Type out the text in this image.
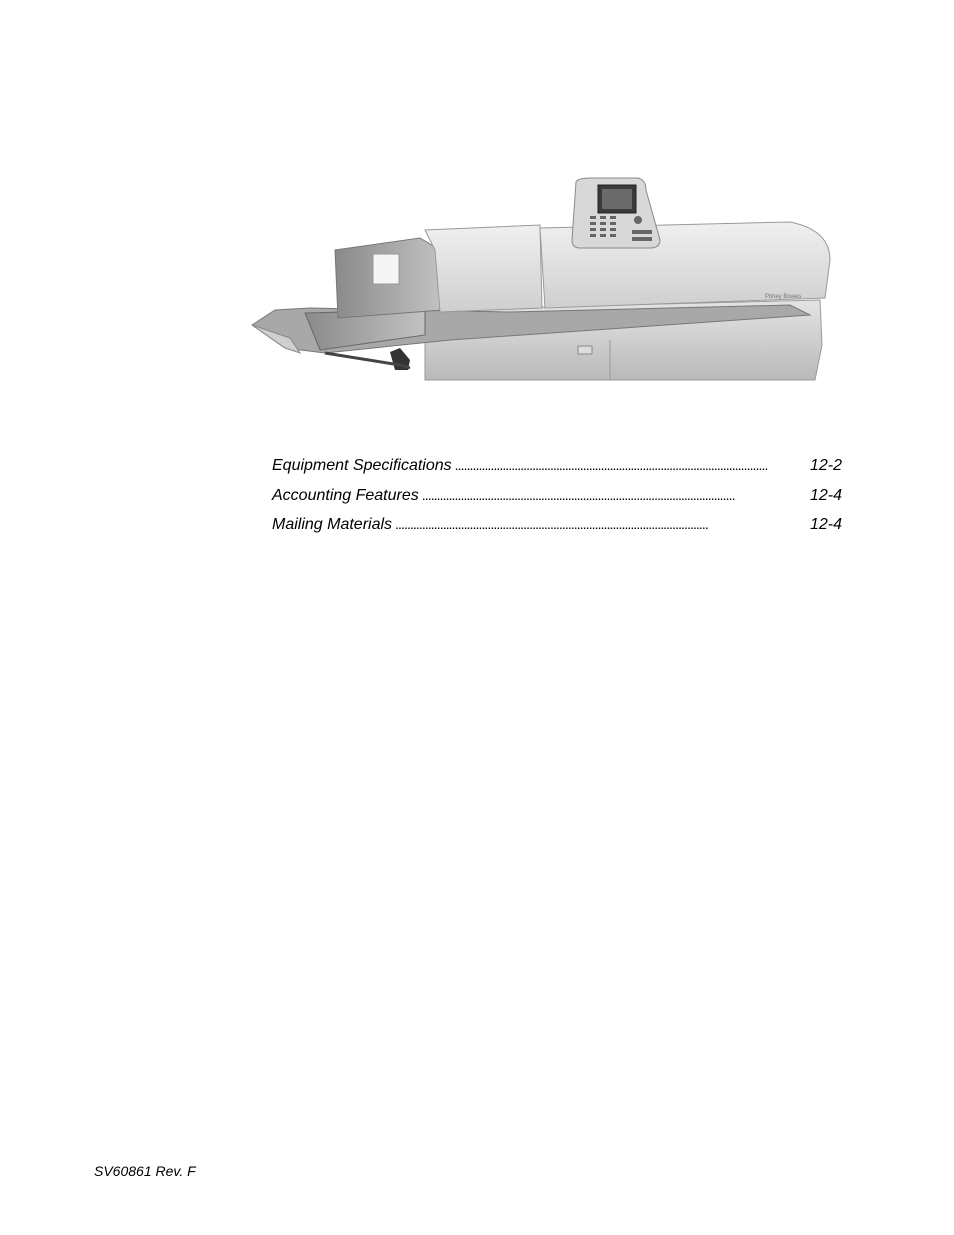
Pitney Bowes
Equipment Specifications . . .	12-2
Accounting Features . . .	12-4
Mailing Materials . . .	12-4
SV60861 Rev. F
